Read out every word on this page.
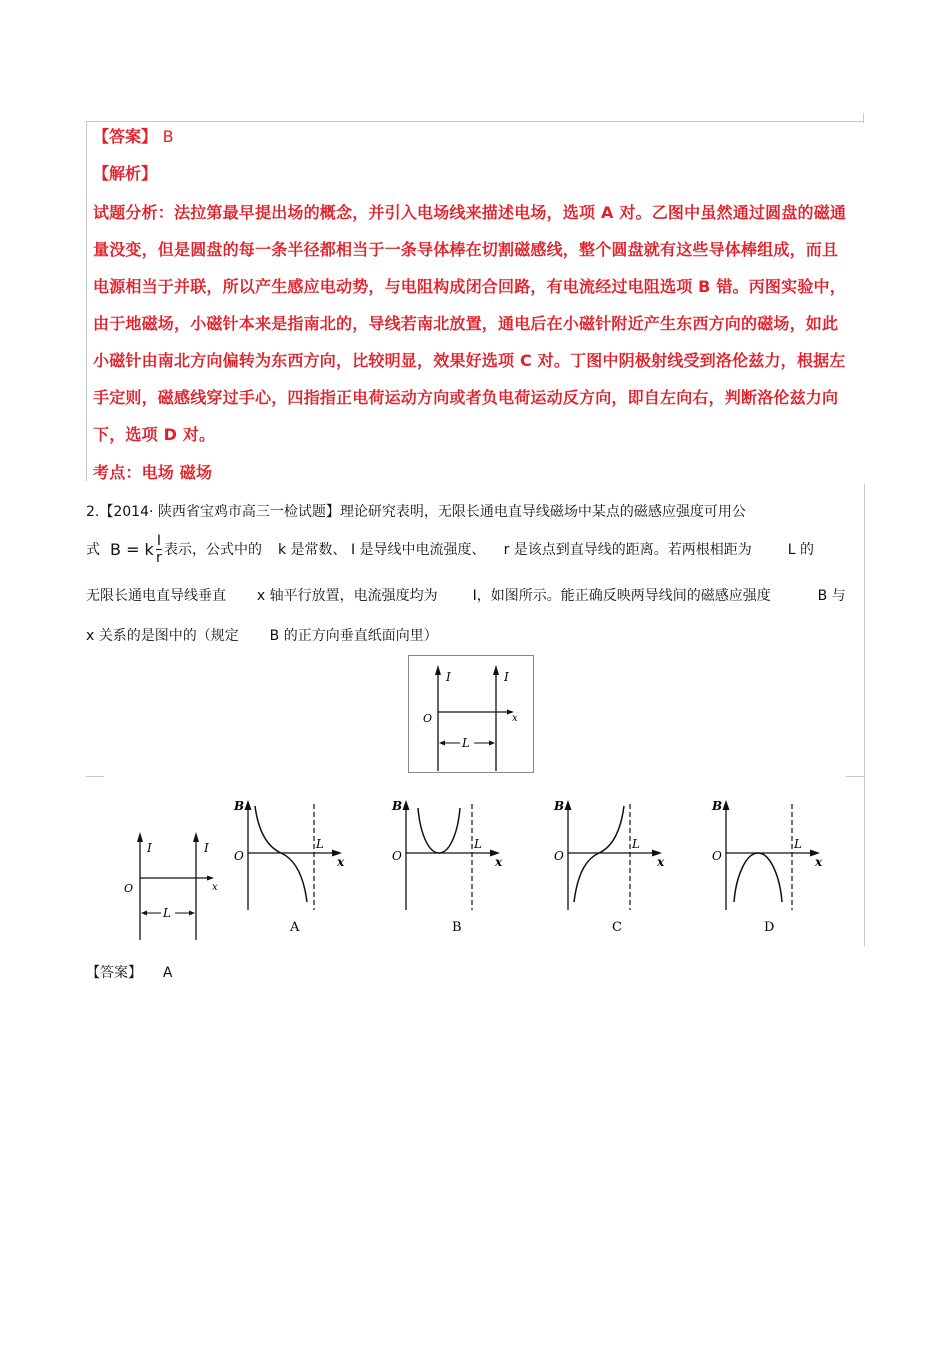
【答案】 B
【解析】
试题分析：法拉第最早提出场的概念，并引入电场线来描述电场，选项 A 对。乙图中虽然通过圆盘的磁通
量没变，但是圆盘的每一条半径都相当于一条导体棒在切割磁感线，整个圆盘就有这些导体棒组成，而且
电源相当于并联，所以产生感应电动势，与电阻构成闭合回路，有电流经过电阻选项 B 错。丙图实验中，
由于地磁场，小磁针本来是指南北的，导线若南北放置，通电后在小磁针附近产生东西方向的磁场，如此
小磁针由南北方向偏转为东西方向，比较明显，效果好选项 C 对。丁图中阴极射线受到洛伦兹力，根据左
手定则，磁感线穿过手心，四指指正电荷运动方向或者负电荷运动反方向，即自左向右，判断洛伦兹力向
下，选项 D 对。
考点：电场 磁场
2.【2014· 陕西省宝鸡市高三一检试题】理论研究表明，无限长通电直导线磁场中某点的磁感应强度可用公
式 B = k $\frac{I}{r}$ 表示，公式中的 k 是常数、 I 是导线中电流强度、 r 是该点到直导线的距离。若两根相距为	L 的
无限长通电直导线垂直 x 轴平行放置，电流强度均为 I，如图所示。能正确反映两导线间的磁感应强度	B 与
x 关系的是图中的（规定 B 的正方向垂直纸面向里）
I	I
O	x
L
I	I
O	x
L
B
O
L
x
A
B
O
L
x
B
B
O
L
x
C
B
O
L
x
D
【答案】 A
